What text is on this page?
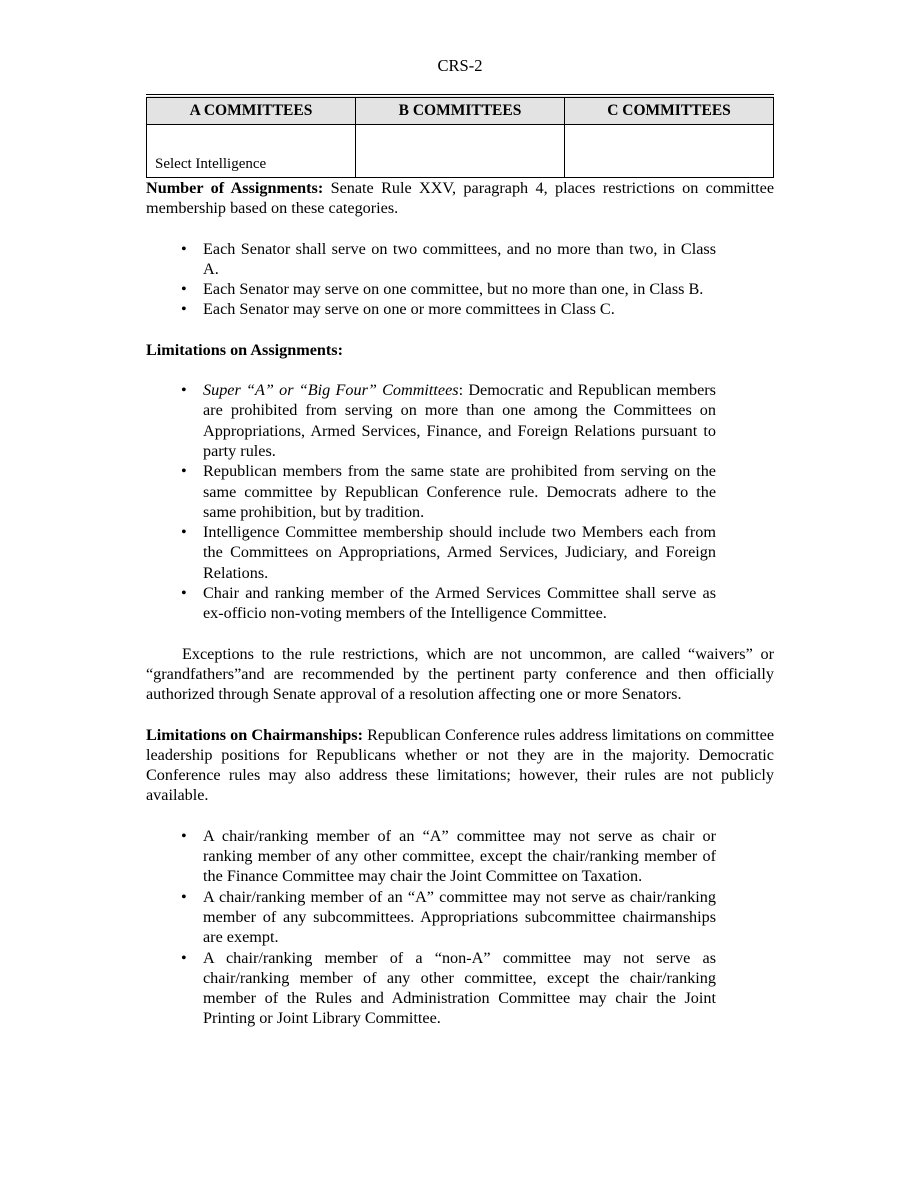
CRS-2
A COMMITTEES	B COMMITTEES	C COMMITTEES
Select Intelligence		

Number of Assignments: Senate Rule XXV, paragraph 4, places restrictions on committee membership based on these categories.

• Each Senator shall serve on two committees, and no more than two, in Class A.
• Each Senator may serve on one committee, but no more than one, in Class B.
• Each Senator may serve on one or more committees in Class C.

Limitations on Assignments:

• Super “A” or “Big Four” Committees: Democratic and Republican members are prohibited from serving on more than one among the Committees on Appropriations, Armed Services, Finance, and Foreign Relations pursuant to party rules.
• Republican members from the same state are prohibited from serving on the same committee by Republican Conference rule. Democrats adhere to the same prohibition, but by tradition.
• Intelligence Committee membership should include two Members each from the Committees on Appropriations, Armed Services, Judiciary, and Foreign Relations.
• Chair and ranking member of the Armed Services Committee shall serve as ex-officio non-voting members of the Intelligence Committee.

Exceptions to the rule restrictions, which are not uncommon, are called “waivers” or “grandfathers”and are recommended by the pertinent party conference and then officially authorized through Senate approval of a resolution affecting one or more Senators.

Limitations on Chairmanships: Republican Conference rules address limitations on committee leadership positions for Republicans whether or not they are in the majority. Democratic Conference rules may also address these limitations; however, their rules are not publicly available.

• A chair/ranking member of an “A” committee may not serve as chair or ranking member of any other committee, except the chair/ranking member of the Finance Committee may chair the Joint Committee on Taxation.
• A chair/ranking member of an “A” committee may not serve as chair/ranking member of any subcommittees. Appropriations subcommittee chairmanships are exempt.
• A chair/ranking member of a “non-A” committee may not serve as chair/ranking member of any other committee, except the chair/ranking member of the Rules and Administration Committee may chair the Joint Printing or Joint Library Committee.
